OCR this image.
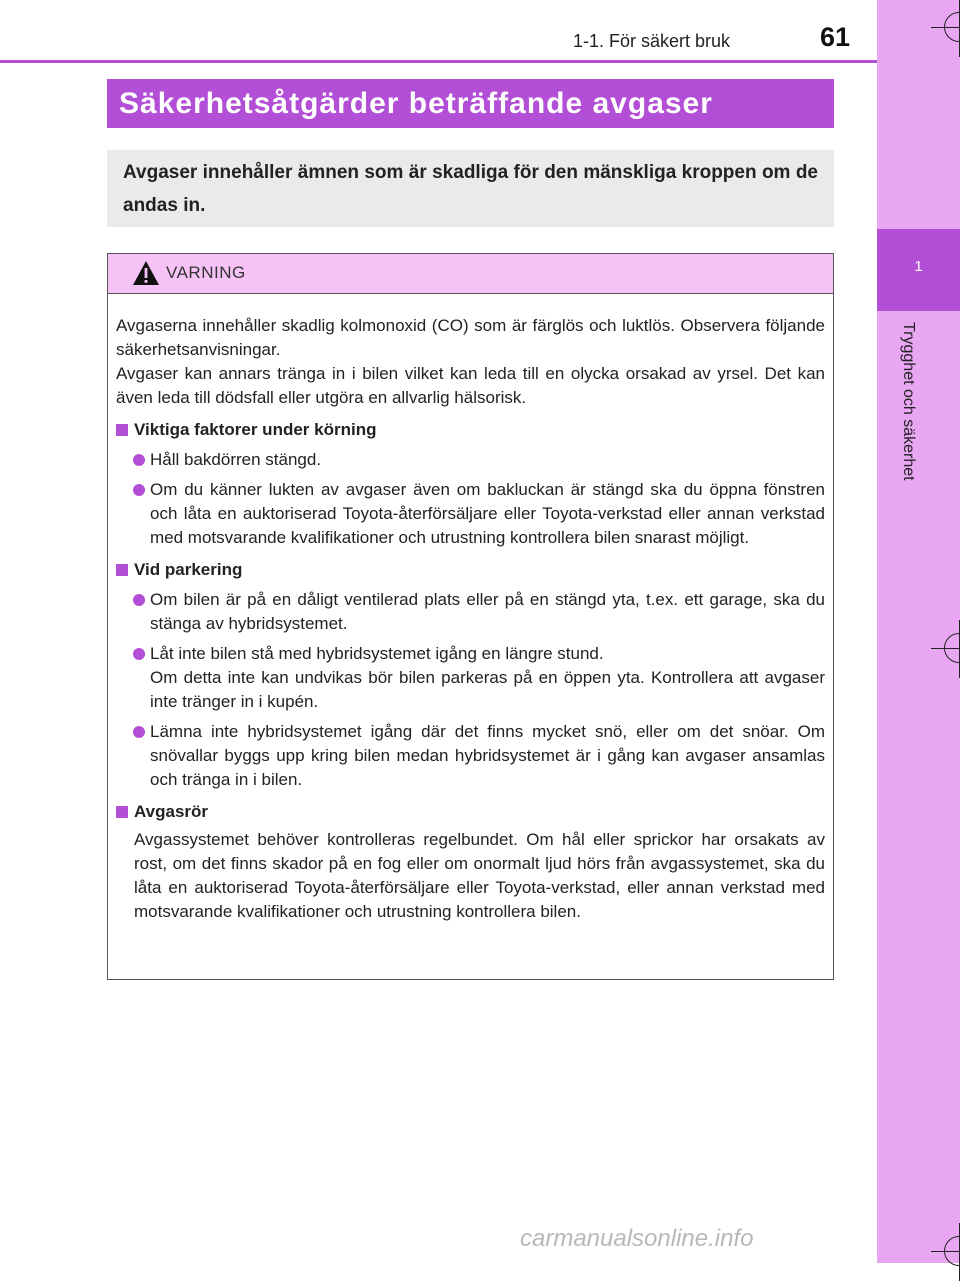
1
Trygghet och säkerhet
1-1. För säkert bruk	61
Säkerhetsåtgärder beträffande avgaser
Avgaser innehåller ämnen som är skadliga för den mänskliga kroppen om de andas in.
VARNING

Avgaserna innehåller skadlig kolmonoxid (CO) som är färglös och luktlös. Observera följande säkerhetsanvisningar.

Avgaser kan annars tränga in i bilen vilket kan leda till en olycka orsakad av yrsel. Det kan även leda till dödsfall eller utgöra en allvarlig hälsorisk.

Viktiga faktorer under körning
Håll bakdörren stängd.
Om du känner lukten av avgaser även om bakluckan är stängd ska du öppna fönstren och låta en auktoriserad Toyota-återförsäljare eller Toyota-verkstad eller annan verkstad med motsvarande kvalifikationer och utrustning kontrollera bilen snarast möjligt.
Vid parkering
Om bilen är på en dåligt ventilerad plats eller på en stängd yta, t.ex. ett garage, ska du stänga av hybridsystemet.
Låt inte bilen stå med hybridsystemet igång en längre stund.
Om detta inte kan undvikas bör bilen parkeras på en öppen yta. Kontrollera att avgaser inte tränger in i kupén.
Lämna inte hybridsystemet igång där det finns mycket snö, eller om det snöar. Om snövallar byggs upp kring bilen medan hybridsystemet är i gång kan avgaser ansamlas och tränga in i bilen.
Avgasrör
Avgassystemet behöver kontrolleras regelbundet. Om hål eller sprickor har orsakats av rost, om det finns skador på en fog eller om onormalt ljud hörs från avgassystemet, ska du låta en auktoriserad Toyota-återförsäljare eller Toyota-verkstad, eller annan verkstad med motsvarande kvalifikationer och utrustning kontrollera bilen.
carmanualsonline.info
